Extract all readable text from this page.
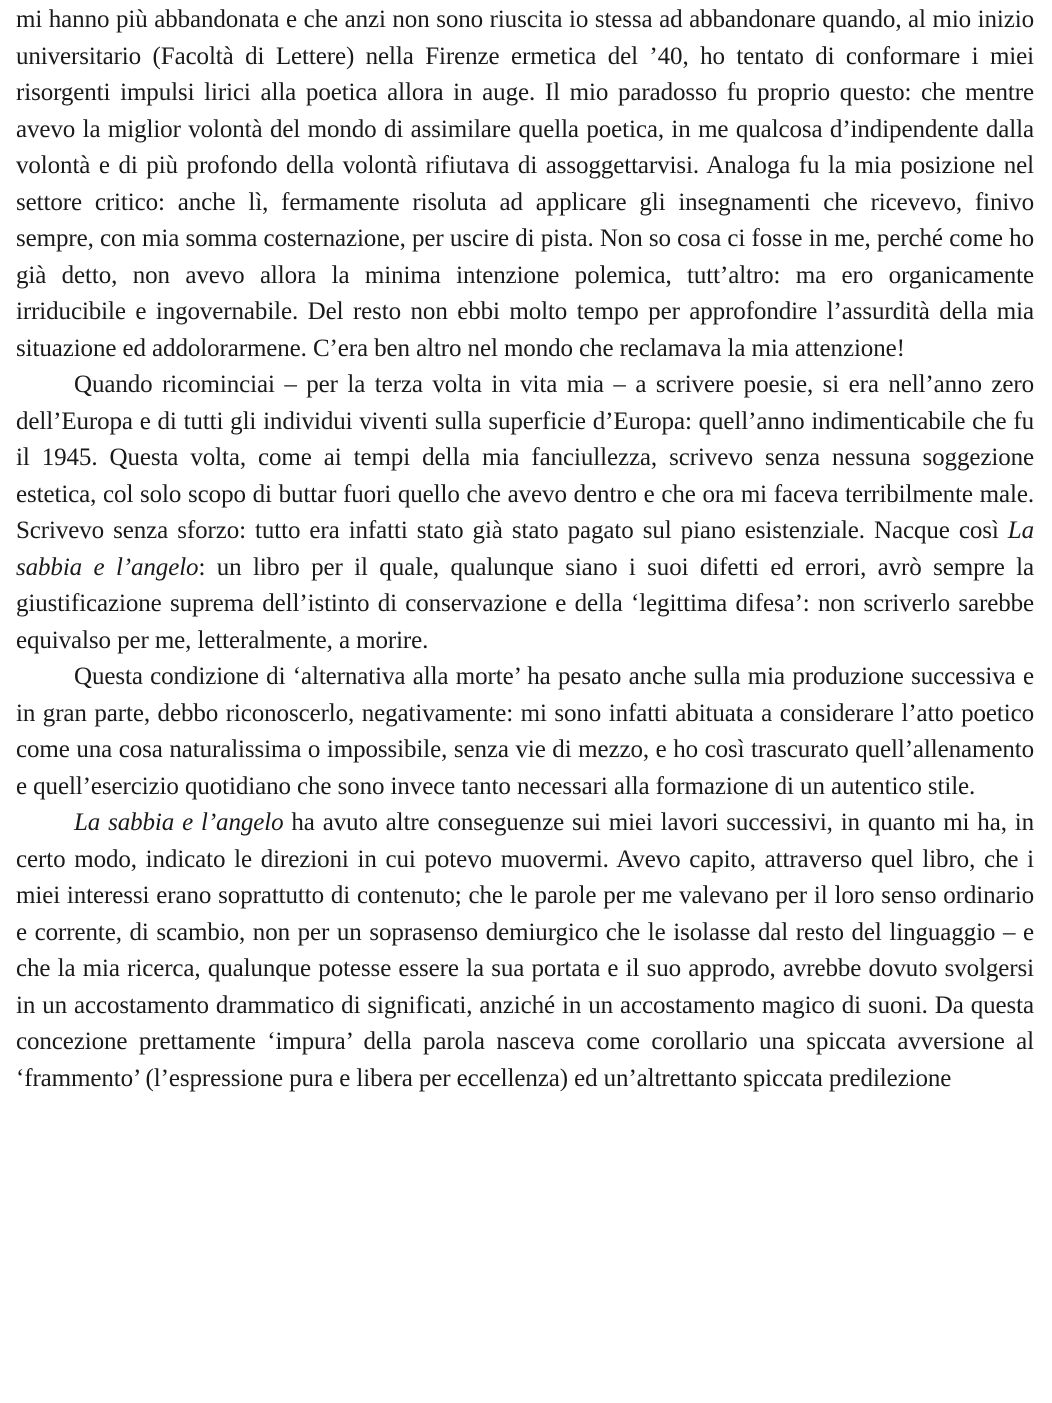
mi hanno più abbandonata e che anzi non sono riuscita io stessa ad abbandonare quando, al mio inizio universitario (Facoltà di Lettere) nella Firenze ermetica del ’40, ho tentato di conformare i miei risorgenti impulsi lirici alla poetica allora in auge. Il mio paradosso fu proprio questo: che mentre avevo la miglior volontà del mondo di assimilare quella poetica, in me qualcosa d’indipendente dalla volontà e di più profondo della volontà rifiutava di assoggettarvisi. Analoga fu la mia posizione nel settore critico: anche lì, fermamente risoluta ad applicare gli insegnamenti che ricevevo, finivo sempre, con mia somma costernazione, per uscire di pista. Non so cosa ci fosse in me, perché come ho già detto, non avevo allora la minima intenzione polemica, tutt’altro: ma ero organicamente irriducibile e ingovernabile. Del resto non ebbi molto tempo per approfondire l’assurdità della mia situazione ed addolorarmene. C’era ben altro nel mondo che reclamava la mia attenzione!

Quando ricominciai – per la terza volta in vita mia – a scrivere poesie, si era nell’anno zero dell’Europa e di tutti gli individui viventi sulla superficie d’Europa: quell’anno indimenticabile che fu il 1945. Questa volta, come ai tempi della mia fanciullezza, scrivevo senza nessuna soggezione estetica, col solo scopo di buttar fuori quello che avevo dentro e che ora mi faceva terribilmente male. Scrivevo senza sforzo: tutto era infatti stato già stato pagato sul piano esistenziale. Nacque così La sabbia e l’angelo: un libro per il quale, qualunque siano i suoi difetti ed errori, avrò sempre la giustificazione suprema dell’istinto di conservazione e della ‘legittima difesa’: non scriverlo sarebbe equivalso per me, letteralmente, a morire.

Questa condizione di ‘alternativa alla morte’ ha pesato anche sulla mia produzione successiva e in gran parte, debbo riconoscerlo, negativamente: mi sono infatti abituata a considerare l’atto poetico come una cosa naturalissima o impossibile, senza vie di mezzo, e ho così trascurato quell’allenamento e quell’esercizio quotidiano che sono invece tanto necessari alla formazione di un autentico stile.

La sabbia e l’angelo ha avuto altre conseguenze sui miei lavori successivi, in quanto mi ha, in certo modo, indicato le direzioni in cui potevo muovermi. Avevo capito, attraverso quel libro, che i miei interessi erano soprattutto di contenuto; che le parole per me valevano per il loro senso ordinario e corrente, di scambio, non per un soprasenso demiurgico che le isolasse dal resto del linguaggio – e che la mia ricerca, qualunque potesse essere la sua portata e il suo approdo, avrebbe dovuto svolgersi in un accostamento drammatico di significati, anziché in un accostamento magico di suoni. Da questa concezione prettamente ‘impura’ della parola nasceva come corollario una spiccata avversione al ‘frammento’ (l’espressione pura e libera per eccellenza) ed un’altrettanto spiccata predilezione
